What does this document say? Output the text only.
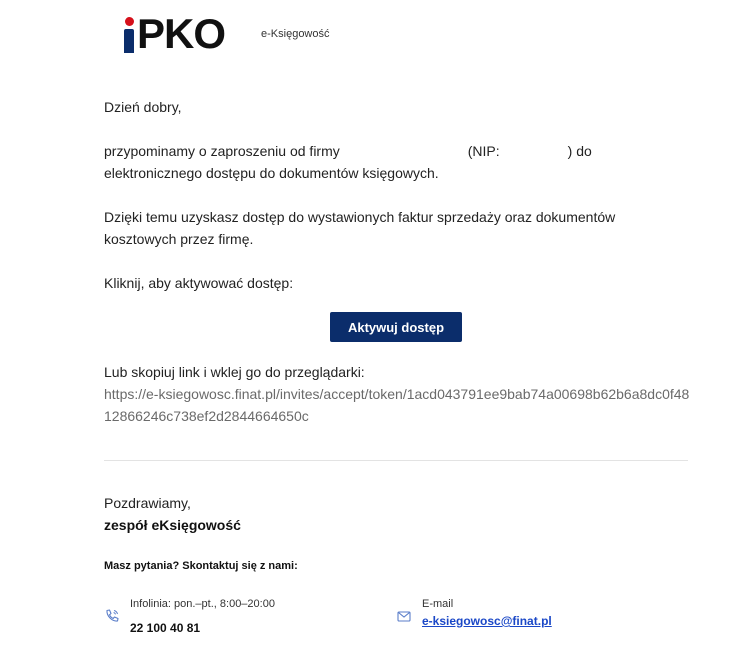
PKO	e-Księgowość

Dzień dobry,

przypominamy o zaproszeniu od firmy	(NIP:	) do
elektronicznego dostępu do dokumentów księgowych.

Dzięki temu uzyskasz dostęp do wystawionych faktur sprzedaży oraz dokumentów kosztowych przez firmę.

Kliknij, aby aktywować dostęp:

Aktywuj dostęp

Lub skopiuj link i wklej go do przeglądarki:

https://e-ksiegowosc.finat.pl/invites/accept/token/1acd043791ee9bab74a00698b62b6a8dc0f4812866246c738ef2d2844664650c

Pozdrawiamy,

zespół eKsięgowość

Masz pytania? Skontaktuj się z nami:
Infolinia: pon.–pt., 8:00–20:00
22 100 40 81
E-mail
e-ksiegowosc@finat.pl
